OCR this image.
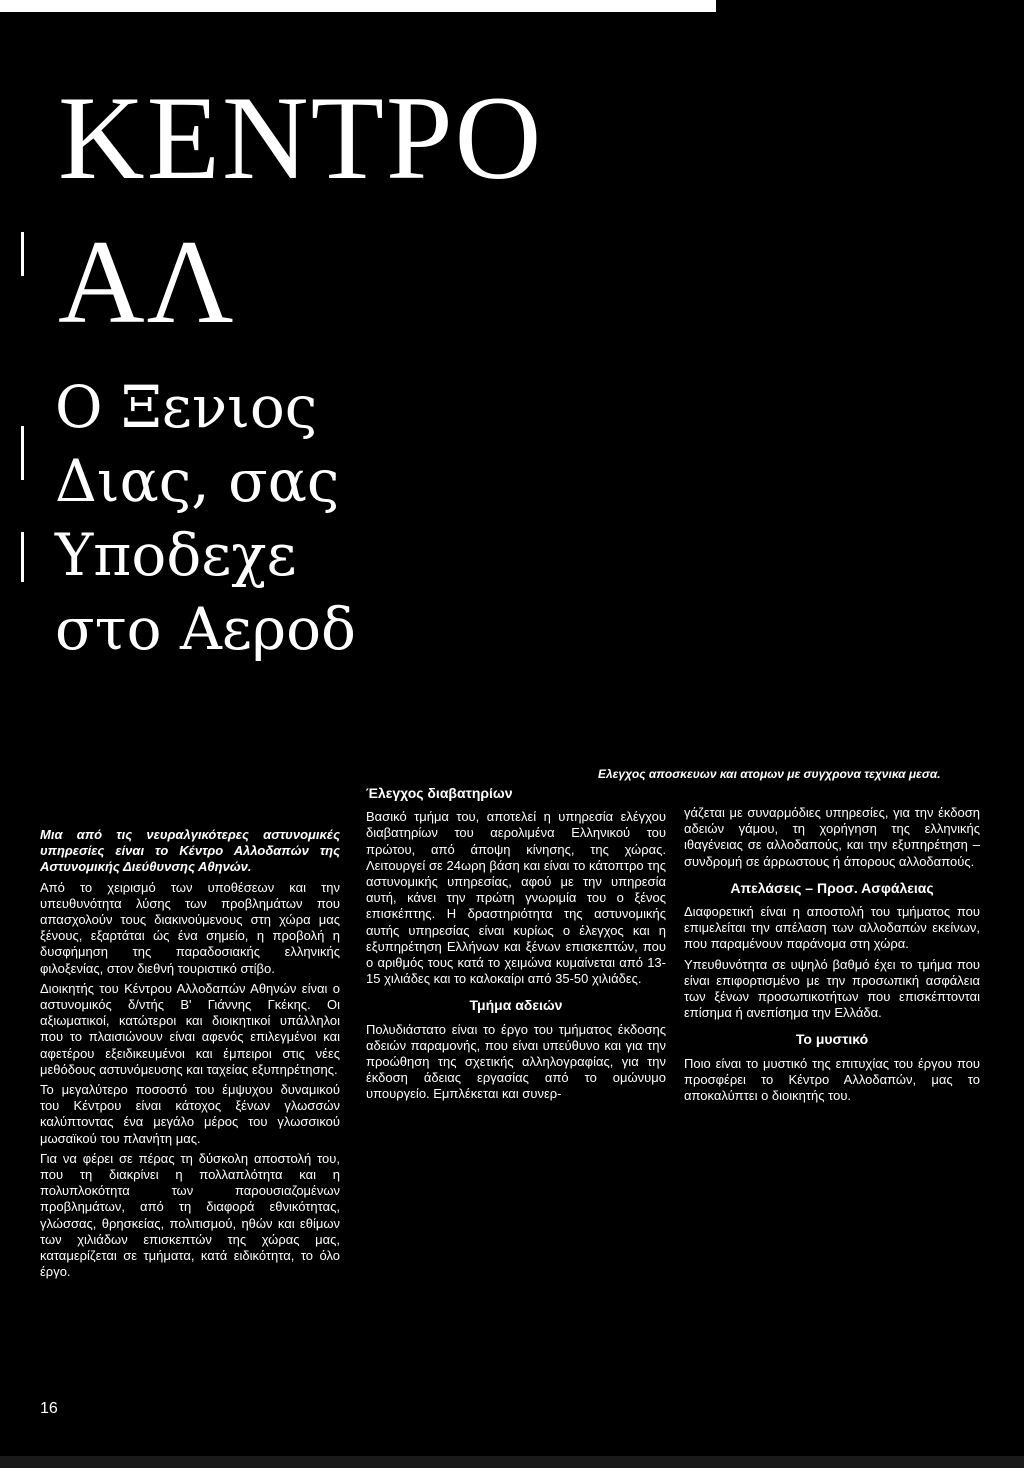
ΚΕΝΤΡΟ
ΑΛ
Ο Ξενιος
Διας, σας
Υποδεχε
στο Αεροδ
Ελεγχος αποσκευων και ατομων με συγχρονα τεχνικα μεσα.

Μια από τις νευραλγικότερες αστυνομικές υπηρεσίες είναι το Κέντρο Αλλοδαπών της Αστυνομικής Διεύθυνσης Αθηνών.

Από το χειρισμό των υποθέσεων και την υπευθυνότητα λύσης των προβλημάτων που απασχολούν τους διακινούμενους στη χώρα μας ξένους, εξαρτάται ώς ένα σημείο, η προβολή η δυσφήμηση της παραδοσιακής ελληνικής φιλοξενίας, στον διεθνή τουριστικό στίβο.

Διοικητής του Κέντρου Αλλοδαπών Αθηνών είναι ο αστυνομικός δ/ντής Β' Γιάννης Γκέκης. Οι αξιωματικοί, κατώτεροι και διοικητικοί υπάλληλοι που το πλαισιώνουν είναι αφενός επιλεγμένοι και αφετέρου εξειδικευμένοι και έμπειροι στις νέες μεθόδους αστυνόμευσης και ταχείας εξυπηρέτησης.

Το μεγαλύτερο ποσοστό του έμψυχου δυναμικού του Κέντρου είναι κάτοχος ξένων γλωσσών καλύπτοντας ένα μεγάλο μέρος του γλωσσικού μωσαϊκού του πλανήτη μας.

Για να φέρει σε πέρας τη δύσκολη αποστολή του, που τη διακρίνει η πολλαπλότητα και η πολυπλοκότητα των παρουσιαζομένων προβλημάτων, από τη διαφορά εθνικότητας, γλώσσας, θρησκείας, πολιτισμού, ηθών και εθίμων των χιλιάδων επισκεπτών της χώρας μας, καταμερίζεται σε τμήματα, κατά ειδικότητα, το όλο έργο.

Έλεγχος διαβατηρίων

Βασικό τμήμα του, αποτελεί η υπηρεσία ελέγχου διαβατηρίων του αερολιμένα Ελληνικού του πρώτου, από άποψη κίνησης, της χώρας. Λειτουργεί σε 24ωρη βάση και είναι το κάτοπτρο της αστυνομικής υπηρεσίας, αφού με την υπηρεσία αυτή, κάνει την πρώτη γνωριμία του ο ξένος επισκέπτης. Η δραστηριότητα της αστυνομικής αυτής υπηρεσίας είναι κυρίως ο έλεγχος και η εξυπηρέτηση Ελλήνων και ξένων επισκεπτών, που ο αριθμός τους κατά το χειμώνα κυμαίνεται από 13-15 χιλιάδες και το καλοκαίρι από 35-50 χιλιάδες.

Τμήμα αδειών

Πολυδιάστατο είναι το έργο του τμήματος έκδοσης αδειών παραμονής, που είναι υπεύθυνο και για την προώθηση της σχετικής αλληλογραφίας, για την έκδοση άδειας εργασίας από το ομώνυμο υπουργείο. Εμπλέκεται και συνερ-

γάζεται με συναρμόδιες υπηρεσίες, για την έκδοση αδειών γάμου, τη χορήγηση της ελληνικής ιθαγένειας σε αλλοδαπούς, και την εξυπηρέτηση – συνδρομή σε άρρωστους ή άπορους αλλοδαπούς.

Απελάσεις – Προσ. Ασφάλειας

Διαφορετική είναι η αποστολή του τμήματος που επιμελείται την απέλαση των αλλοδαπών εκείνων, που παραμένουν παράνομα στη χώρα.

Υπευθυνότητα σε υψηλό βαθμό έχει το τμήμα που είναι επιφορτισμένο με την προσωπική ασφάλεια των ξένων προσωπικοτήτων που επισκέπτονται επίσημα ή ανεπίσημα την Ελλάδα.

Το μυστικό

Ποιο είναι το μυστικό της επιτυχίας του έργου που προσφέρει το Κέντρο Αλλοδαπών, μας το αποκαλύπτει ο διοικητής του.

16
